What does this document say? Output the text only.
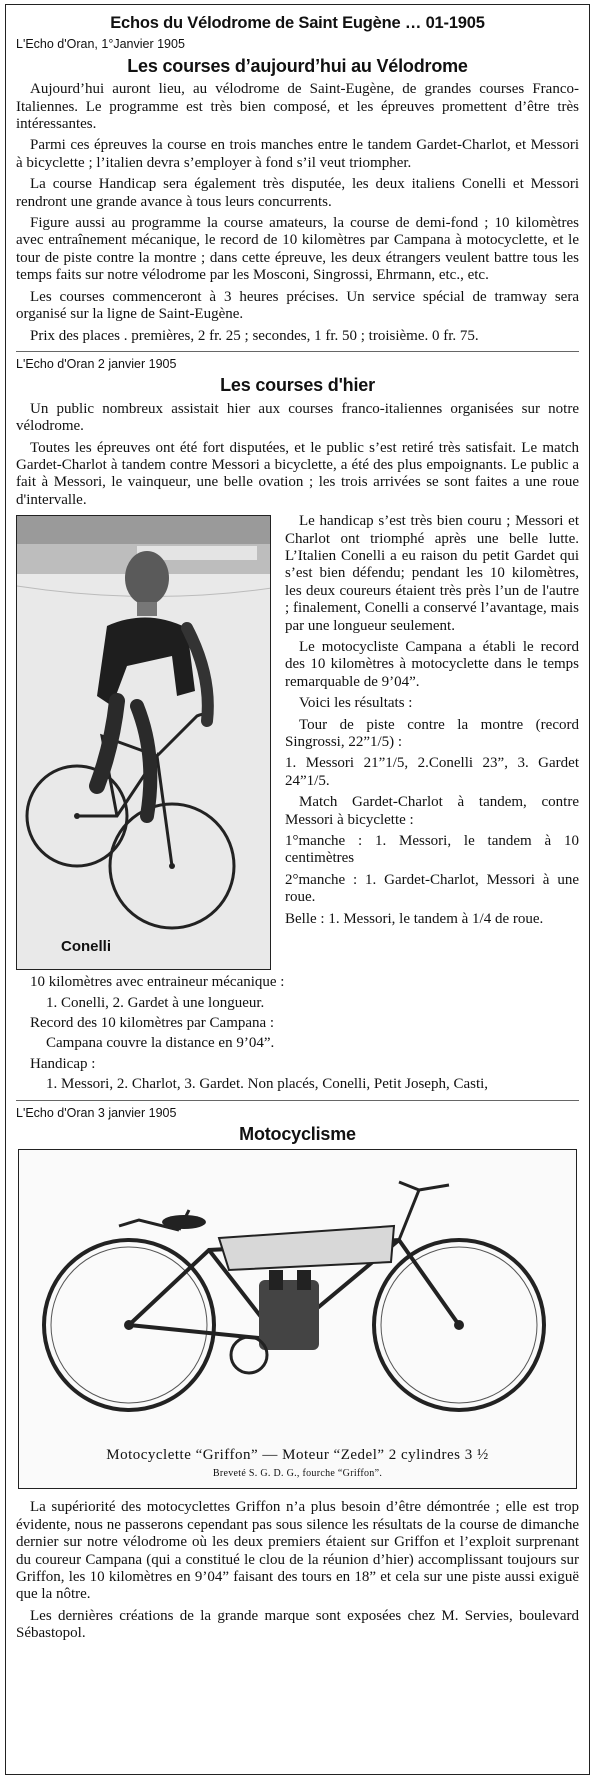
Echos du Vélodrome de Saint Eugène … 01-1905
L'Echo d'Oran, 1°Janvier 1905
Les courses d’aujourd’hui au Vélodrome

Aujourd’hui auront lieu, au vélodrome de Saint-Eugène, de grandes courses Franco-Italiennes. Le programme est très bien composé, et les épreuves promettent d’être très intéressantes.

Parmi ces épreuves la course en trois manches entre le tandem Gardet-Charlot, et Messori à bicyclette ; l’italien devra s’employer à fond s’il veut triompher.

La course Handicap sera également très disputée, les deux italiens Conelli et Messori rendront une grande avance à tous leurs concurrents.

Figure aussi au programme la course amateurs, la course de demi-fond ; 10 kilomètres avec entraînement mécanique, le record de 10 kilomètres par Campana à motocyclette, et le tour de piste contre la montre ; dans cette épreuve, les deux étrangers veulent battre tous les temps faits sur notre vélodrome par les Mosconi, Singrossi, Ehrmann, etc., etc.

Les courses commenceront à 3 heures précises. Un service spécial de tramway sera organisé sur la ligne de Saint-Eugène.

Prix des places . premières, 2 fr. 25 ; secondes, 1 fr. 50 ; troisième. 0 fr. 75.

L'Echo d'Oran 2 janvier 1905
Les courses d'hier

Un public nombreux assistait hier aux courses franco-italiennes organisées sur notre vélodrome.

Toutes les épreuves ont été fort disputées, et le public s’est retiré très satisfait. Le match Gardet-Charlot à tandem contre Messori a bicyclette, a été des plus empoignants. Le public a fait à Messori, le vainqueur, une belle ovation ; les trois arrivées se sont faites a une roue d'intervalle.

Conelli

Le handicap s’est très bien couru ; Messori et Charlot ont triomphé après une belle lutte. L’Italien Conelli a eu raison du petit Gardet qui s’est bien défendu; pendant les 10 kilomètres, les deux coureurs étaient très près l’un de l'autre ; finalement, Conelli a conservé l’avantage, mais par une longueur seulement.

Le motocycliste Campana a établi le record des 10 kilomètres à motocyclette dans le temps remarquable de 9’04”.

Voici les résultats :

Tour de piste contre la montre (record Singrossi, 22”1/5) :

1. Messori 21”1/5, 2.Conelli 23”, 3. Gardet 24”1/5.

Match Gardet-Charlot à tandem, contre Messori à bicyclette :

1°manche : 1. Messori, le tandem à 10 centimètres

2°manche : 1. Gardet-Charlot, Messori à une roue.

Belle : 1. Messori, le tandem à 1/4 de roue.

10 kilomètres avec entraineur mécanique :

1. Conelli, 2. Gardet à une longueur.

Record des 10 kilomètres par Campana :

Campana couvre la distance en 9’04”.

Handicap :

1. Messori, 2. Charlot, 3. Gardet. Non placés, Conelli, Petit Joseph, Casti,

L'Echo d'Oran 3 janvier 1905
Motocyclisme
Motocyclette “Griffon” — Moteur “Zedel” 2 cylindres 3 ½
Breveté S. G. D. G., fourche “Griffon”.

La supériorité des motocyclettes Griffon n’a plus besoin d’être démontrée ; elle est trop évidente, nous ne passerons cependant pas sous silence les résultats de la course de dimanche dernier sur notre vélodrome où les deux premiers étaient sur Griffon et l’exploit surprenant du coureur Campana (qui a constitué le clou de la réunion d’hier) accomplissant toujours sur Griffon, les 10 kilomètres en 9’04” faisant des tours en 18” et cela sur une piste aussi exiguë que la nôtre.

Les dernières créations de la grande marque sont exposées chez M. Servies, boulevard Sébastopol.
